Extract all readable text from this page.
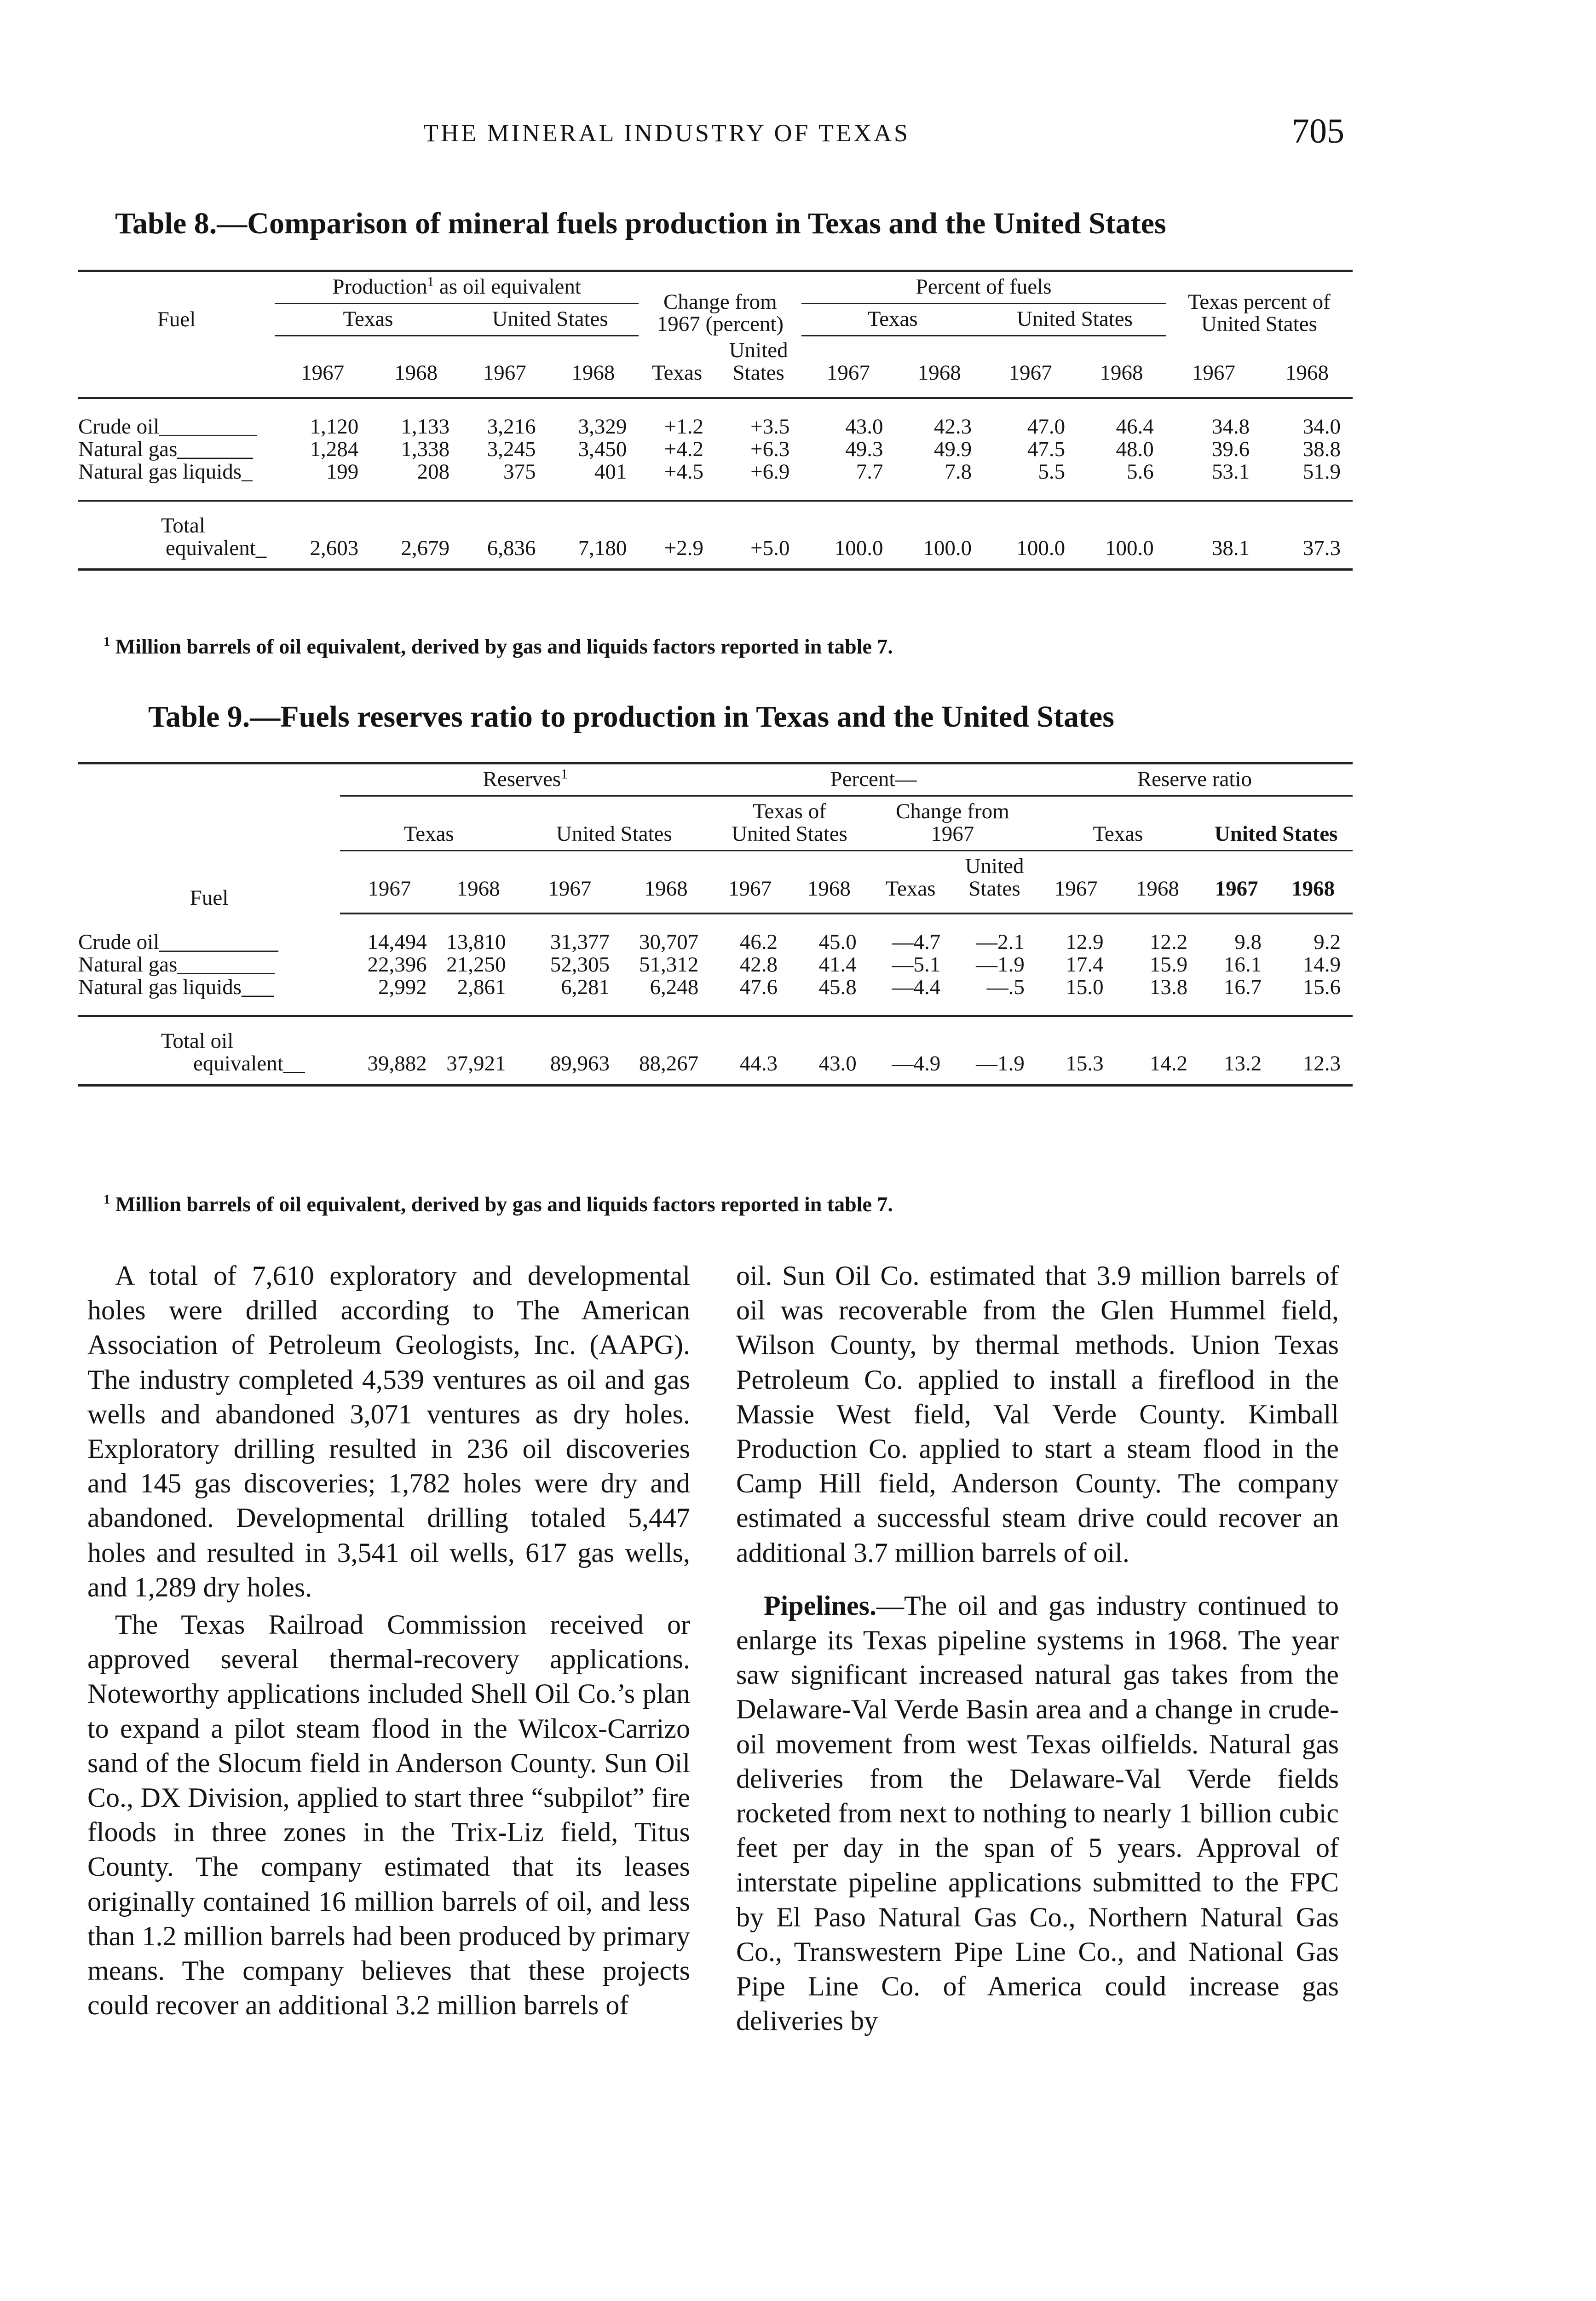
THE MINERAL INDUSTRY OF TEXAS	705
Table 8.—Comparison of mineral fuels production in Texas and the United States
Fuel	Production$^1$ as oil equivalent				Change from 1967 (percent)		Percent of fuels				Texas percent of United States	
	Texas		United States				Texas		United States			
	1967	1968	1967	1968	Texas	United States	1967	1968	1967	1968	1967	1968

Crude oil_________	1,120	1,133	3,216	3,329	+1.2	+3.5	43.0	42.3	47.0	46.4	34.8	34.0
Natural gas_______	1,284	1,338	3,245	3,450	+4.2	+6.3	49.3	49.9	47.5	48.0	39.6	38.8
Natural gas liquids_	199	208	375	401	+4.5	+6.9	7.7	7.8	5.5	5.6	53.1	51.9

Total
equivalent_	2,603	2,679	6,836	7,180	+2.9	+5.0	100.0	100.0	100.0	100.0	38.1	37.3
$^1$ Million barrels of oil equivalent, derived by gas and liquids factors reported in table 7.
Table 9.—Fuels reserves ratio to production in Texas and the United States
Fuel	Reserves$^1$				Percent—				Reserve ratio			
	Texas		United States		Texas of United States		Change from 1967		Texas		United States	
	1967	1968	1967	1968	1967	1968	Texas	United States	1967	1968	1967	1968

Crude oil___________	14,494	13,810	31,377	30,707	46.2	45.0	—4.7	—2.1	12.9	12.2	9.8	9.2
Natural gas_________	22,396	21,250	52,305	51,312	42.8	41.4	—5.1	—1.9	17.4	15.9	16.1	14.9
Natural gas liquids___	2,992	2,861	6,281	6,248	47.6	45.8	—4.4	—.5	15.0	13.8	16.7	15.6

Total oil
equivalent__	39,882	37,921	89,963	88,267	44.3	43.0	—4.9	—1.9	15.3	14.2	13.2	12.3
$^1$ Million barrels of oil equivalent, derived by gas and liquids factors reported in table 7.

A total of 7,610 exploratory and developmental holes were drilled according to The American Association of Petroleum Geologists, Inc. (AAPG). The industry completed 4,539 ventures as oil and gas wells and abandoned 3,071 ventures as dry holes. Exploratory drilling resulted in 236 oil discoveries and 145 gas discoveries; 1,782 holes were dry and abandoned. Developmental drilling totaled 5,447 holes and resulted in 3,541 oil wells, 617 gas wells, and 1,289 dry holes.

The Texas Railroad Commission received or approved several thermal-recovery applications. Noteworthy applications included Shell Oil Co.’s plan to expand a pilot steam flood in the Wilcox-Carrizo sand of the Slocum field in Anderson County. Sun Oil Co., DX Division, applied to start three “subpilot” fire floods in three zones in the Trix-Liz field, Titus County. The company estimated that its leases originally contained 16 million barrels of oil, and less than 1.2 million barrels had been produced by primary means. The company believes that these projects could recover an additional 3.2 million barrels of

oil. Sun Oil Co. estimated that 3.9 million barrels of oil was recoverable from the Glen Hummel field, Wilson County, by thermal methods. Union Texas Petroleum Co. applied to install a fireflood in the Massie West field, Val Verde County. Kimball Production Co. applied to start a steam flood in the Camp Hill field, Anderson County. The company estimated a successful steam drive could recover an additional 3.7 million barrels of oil.

Pipelines.—The oil and gas industry continued to enlarge its Texas pipeline systems in 1968. The year saw significant increased natural gas takes from the Delaware-Val Verde Basin area and a change in crude-oil movement from west Texas oilfields. Natural gas deliveries from the Delaware-Val Verde fields rocketed from next to nothing to nearly 1 billion cubic feet per day in the span of 5 years. Approval of interstate pipeline applications submitted to the FPC by El Paso Natural Gas Co., Northern Natural Gas Co., Transwestern Pipe Line Co., and National Gas Pipe Line Co. of America could increase gas deliveries by
